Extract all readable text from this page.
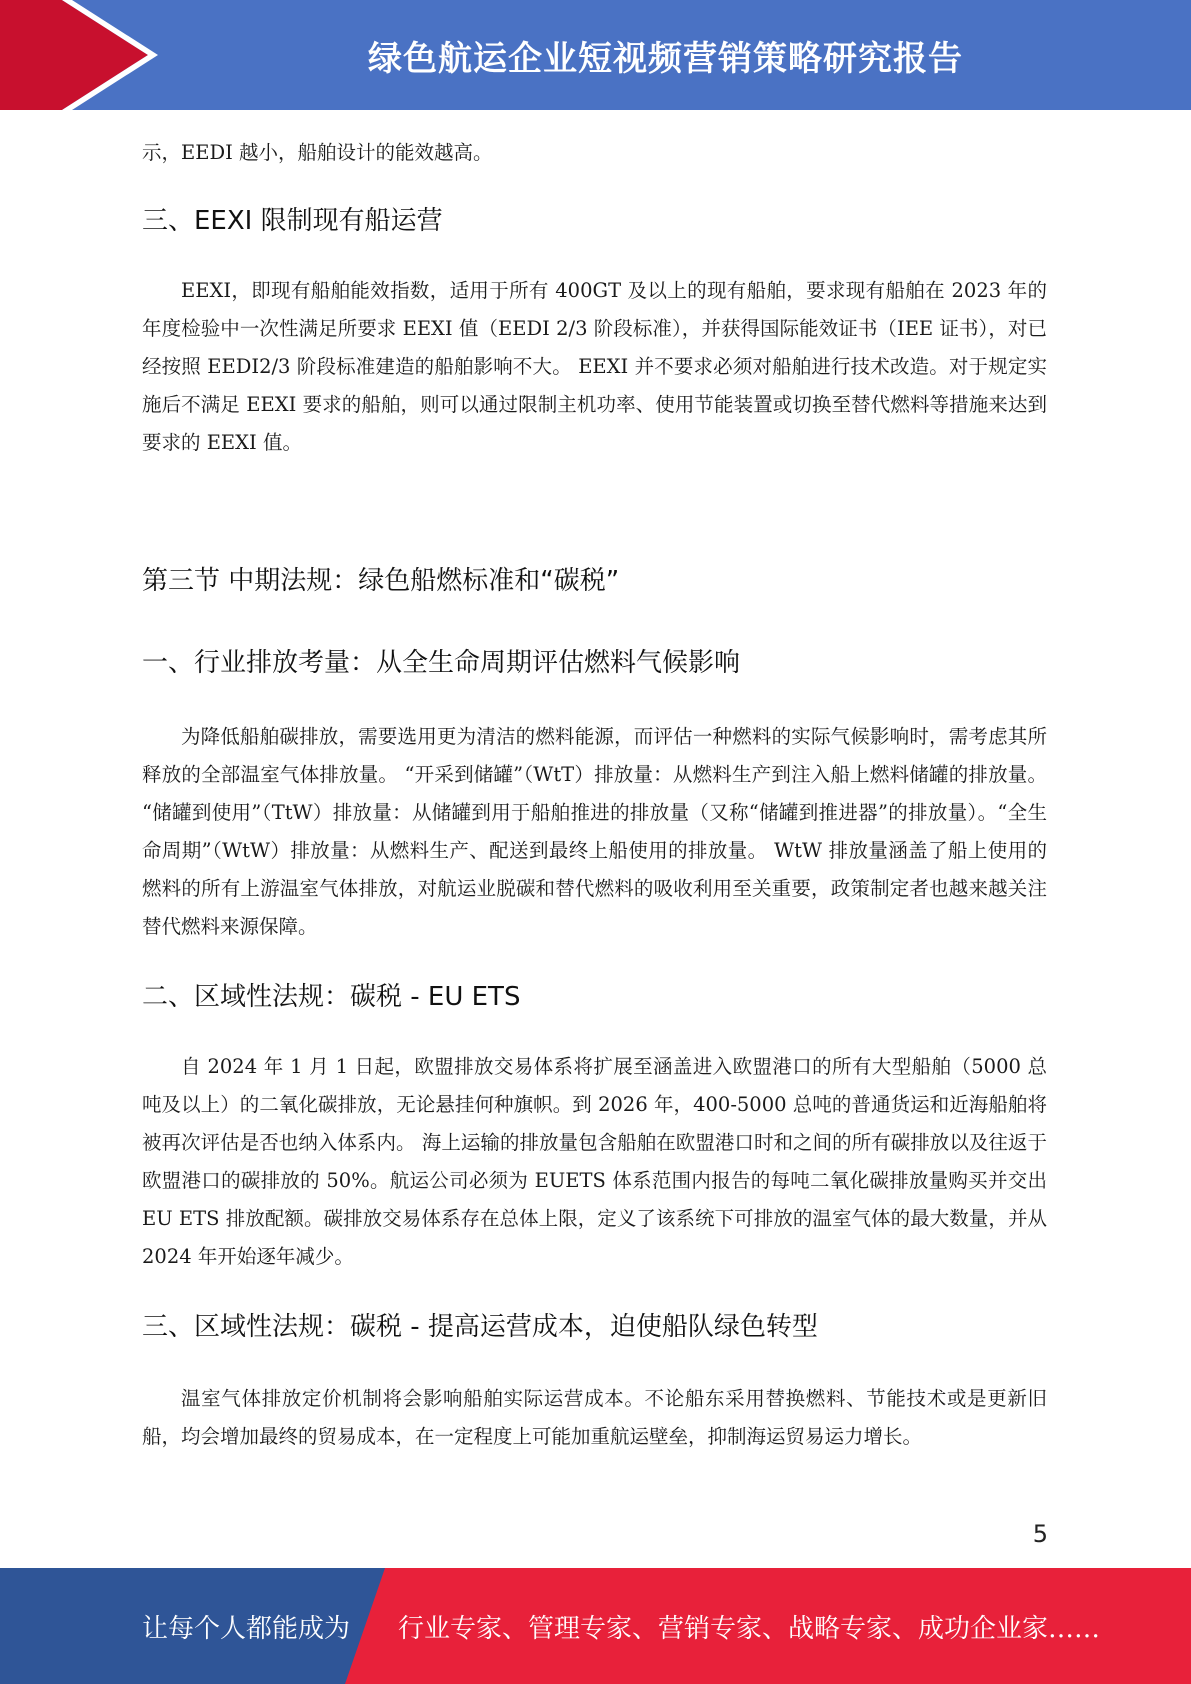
绿色航运企业短视频营销策略研究报告

示，EEDI 越小，船舶设计的能效越高。

三、EEXI 限制现有船运营

EEXI，即现有船舶能效指数，适用于所有 400GT 及以上的现有船舶，要求现有船舶在 2023 年的年度检验中一次性满足所要求 EEXI 值（EEDI 2/3 阶段标准），并获得国际能效证书（IEE 证书），对已经按照 EEDI2/3 阶段标准建造的船舶影响不大。 EEXI 并不要求必须对船舶进行技术改造。对于规定实施后不满足 EEXI 要求的船舶，则可以通过限制主机功率、使用节能装置或切换至替代燃料等措施来达到要求的 EEXI 值。

第三节 中期法规：绿色船燃标准和“碳税”
一、行业排放考量：从全生命周期评估燃料气候影响

为降低船舶碳排放，需要选用更为清洁的燃料能源，而评估一种燃料的实际气候影响时，需考虑其所释放的全部温室气体排放量。 “开采到储罐”（WtT）排放量：从燃料生产到注入船上燃料储罐的排放量。 “储罐到使用”（TtW）排放量：从储罐到用于船舶推进的排放量（又称“储罐到推进器”的排放量）。“全生命周期”（WtW）排放量：从燃料生产、配送到最终上船使用的排放量。 WtW 排放量涵盖了船上使用的燃料的所有上游温室气体排放，对航运业脱碳和替代燃料的吸收利用至关重要，政策制定者也越来越关注替代燃料来源保障。

二、区域性法规：碳税 - EU ETS

自 2024 年 1 月 1 日起，欧盟排放交易体系将扩展至涵盖进入欧盟港口的所有大型船舶（5000 总吨及以上）的二氧化碳排放，无论悬挂何种旗帜。到 2026 年，400-5000 总吨的普通货运和近海船舶将被再次评估是否也纳入体系内。 海上运输的排放量包含船舶在欧盟港口时和之间的所有碳排放以及往返于欧盟港口的碳排放的 50%。航运公司必须为 EUETS 体系范围内报告的每吨二氧化碳排放量购买并交出 EU ETS 排放配额。碳排放交易体系存在总体上限，定义了该系统下可排放的温室气体的最大数量，并从 2024 年开始逐年减少。

三、区域性法规：碳税 - 提高运营成本，迫使船队绿色转型

温室气体排放定价机制将会影响船舶实际运营成本。不论船东采用替换燃料、节能技术或是更新旧船，均会增加最终的贸易成本，在一定程度上可能加重航运壁垒，抑制海运贸易运力增长。

5
让每个人都能成为 行业专家、管理专家、营销专家、战略专家、成功企业家……
